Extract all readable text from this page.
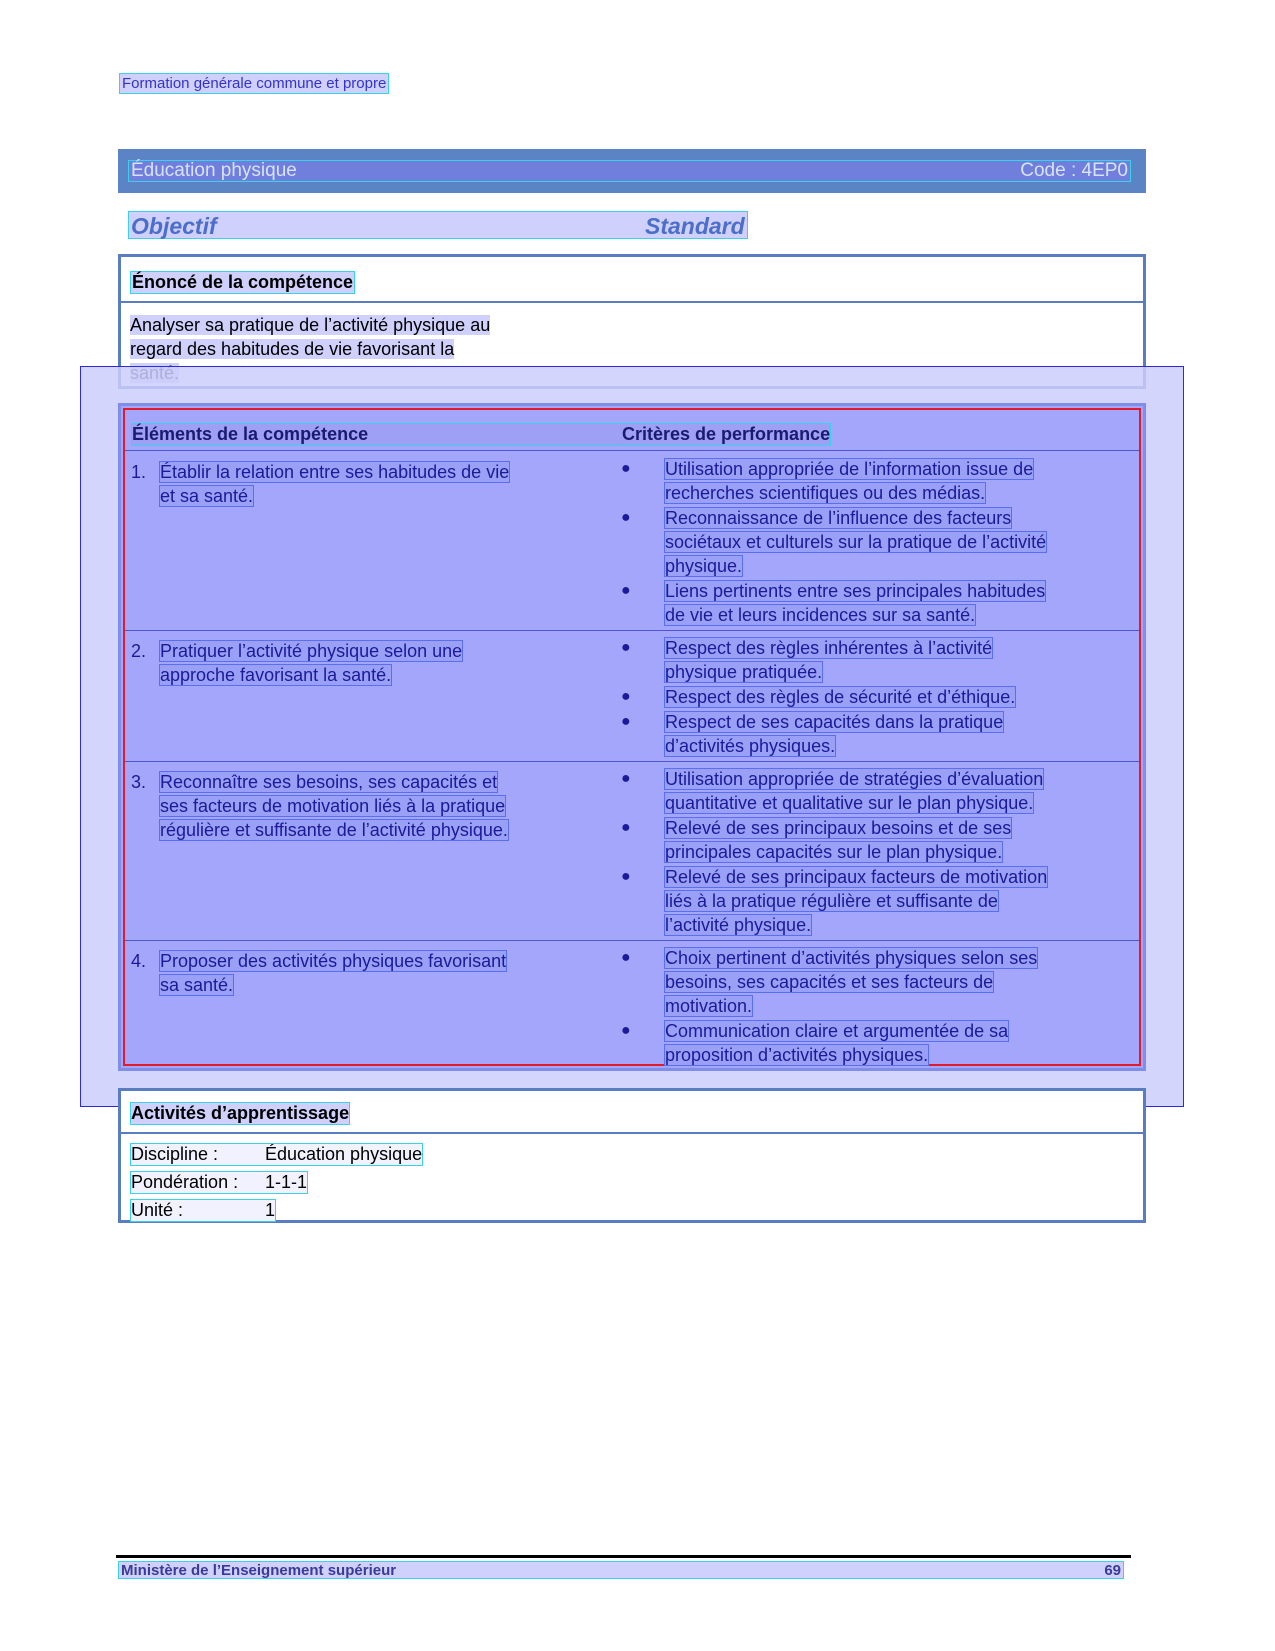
Formation générale commune et propre
Éducation physique	Code : 4EP0
Objectif	Standard
Énoncé de la compétence
Analyser sa pratique de l’activité physique au
regard des habitudes de vie favorisant la
Éléments de la compétence	Critères de performance
1. Établir la relation entre ses habitudes de vie
et sa santé.
● Utilisation appropriée de l’information issue de
recherches scientifiques ou des médias.
● Reconnaissance de l’influence des facteurs
sociétaux et culturels sur la pratique de l’activité
physique.
● Liens pertinents entre ses principales habitudes
de vie et leurs incidences sur sa santé.
2. Pratiquer l’activité physique selon une
approche favorisant la santé.
● Respect des règles inhérentes à l’activité
physique pratiquée.
● Respect des règles de sécurité et d’éthique.
● Respect de ses capacités dans la pratique
d’activités physiques.
3. Reconnaître ses besoins, ses capacités et
ses facteurs de motivation liés à la pratique
régulière et suffisante de l’activité physique.
● Utilisation appropriée de stratégies d’évaluation
quantitative et qualitative sur le plan physique.
● Relevé de ses principaux besoins et de ses
principales capacités sur le plan physique.
● Relevé de ses principaux facteurs de motivation
liés à la pratique régulière et suffisante de
l’activité physique.
4. Proposer des activités physiques favorisant
sa santé.
● Choix pertinent d’activités physiques selon ses
besoins, ses capacités et ses facteurs de
motivation.
● Communication claire et argumentée de sa
proposition d’activités physiques.
Activités d’apprentissage
Discipline :	Éducation physique
Pondération :	1-1-1
Unité :	1
Ministère de l’Enseignement supérieur	69
